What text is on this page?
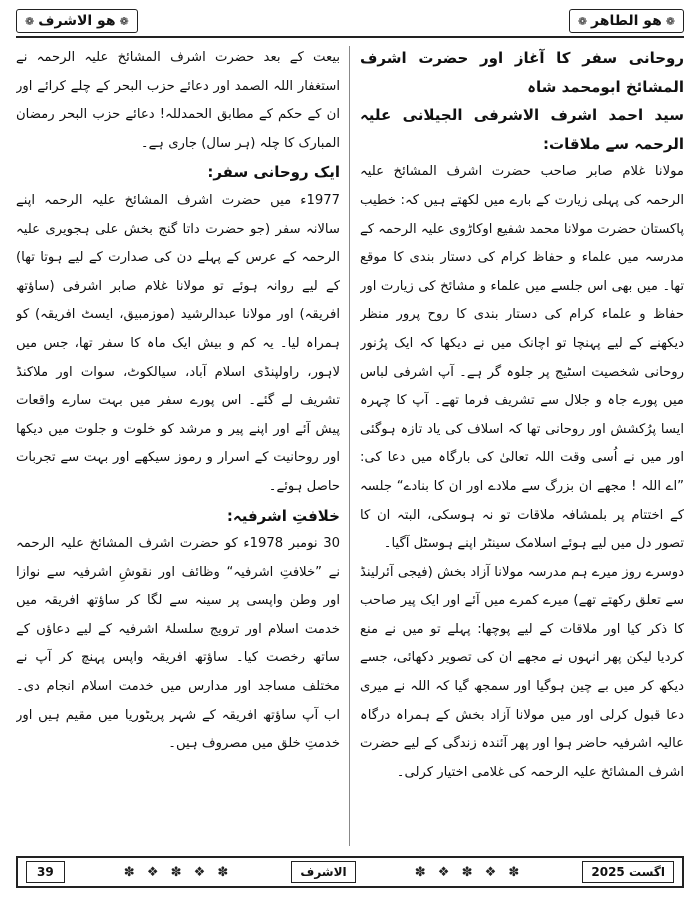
❁
هو الاشرف
❁	❁
هو الطاهر
❁
روحانی سفر کا آغاز اور حضرت اشرف المشائخ ابومحمد شاہ
سید احمد اشرف الاشرفی الجیلانی علیہ الرحمہ سے ملاقات:

مولانا غلام صابر صاحب حضرت اشرف المشائخ علیہ الرحمہ کی پہلی زیارت کے بارے میں لکھتے ہیں کہ: خطیب پاکستان حضرت مولانا محمد شفیع اوکاڑوی علیہ الرحمہ کے مدرسہ میں علماء و حفاظ کرام کی دستار بندی کا موقع تھا۔ میں بھی اس جلسے میں علماء و مشائخ کی زیارت اور حفاظ و علماء کرام کی دستار بندی کا روح پرور منظر دیکھنے کے لیے پہنچا تو اچانک میں نے دیکھا کہ ایک پرُنور روحانی شخصیت اسٹیج پر جلوہ گر ہے۔ آپ اشرفی لباس میں پورے جاہ و جلال سے تشریف فرما تھے۔ آپ کا چہرہ ایسا پرُکشش اور روحانی تھا کہ اسلاف کی یاد تازہ ہوگئی اور میں نے اُسی وقت اللہ تعالیٰ کی بارگاہ میں دعا کی: ”اے اللہ ! مجھے ان بزرگ سے ملادے اور ان کا بنادے“ جلسہ کے اختتام پر بلمشافہ ملاقات تو نہ ہوسکی، البتہ ان کا تصور دل میں لیے ہوئے اسلامک سینٹر اپنے ہوسٹل آگیا۔

دوسرے روز میرے ہم مدرسہ مولانا آزاد بخش (فیجی آئرلینڈ سے تعلق رکھتے تھے) میرے کمرے میں آئے اور ایک پیر صاحب کا ذکر کیا اور ملاقات کے لیے پوچھا: پہلے تو میں نے منع کردیا لیکن پھر انہوں نے مجھے ان کی تصویر دکھائی، جسے دیکھ کر میں بے چین ہوگیا اور سمجھ گیا کہ اللہ نے میری دعا قبول کرلی اور میں مولانا آزاد بخش کے ہمراہ درگاہ عالیہ اشرفیہ حاضر ہوا اور پھر آئندہ زندگی کے لیے حضرت اشرف المشائخ علیہ الرحمہ کی غلامی اختیار کرلی۔

بیعت کے بعد حضرت اشرف المشائخ علیہ الرحمہ نے استغفار اللہ الصمد اور دعائے حزب البحر کے چلے کرائے اور ان کے حکم کے مطابق الحمدللہ! دعائے حزب البحر رمضان المبارک کا چلہ (ہر سال) جاری ہے۔

ایک روحانی سفر:

1977ء میں حضرت اشرف المشائخ علیہ الرحمہ اپنے سالانہ سفر (جو حضرت داتا گنج بخش علی ہجویری علیہ الرحمہ کے عرس کے پہلے دن کی صدارت کے لیے ہوتا تھا) کے لیے روانہ ہوئے تو مولانا غلام صابر اشرفی (ساؤتھ افریقہ) اور مولانا عبدالرشید (موزمبیق، ایسٹ افریقہ) کو ہمراہ لیا۔ یہ کم و بیش ایک ماہ کا سفر تھا، جس میں لاہور، راولپنڈی اسلام آباد، سیالکوٹ، سوات اور ملاکنڈ تشریف لے گئے۔ اس پورے سفر میں بہت سارے واقعات پیش آئے اور اپنے پیر و مرشد کو خلوت و جلوت میں دیکھا اور روحانیت کے اسرار و رموز سیکھے اور بہت سے تجربات حاصل ہوئے۔

خلافتِ اشرفیہ:

30 نومبر 1978ء کو حضرت اشرف المشائخ علیہ الرحمہ نے ”خلافتِ اشرفیہ“ وظائف اور نقوشِ اشرفیہ سے نوازا اور وطن واپسی پر سینہ سے لگا کر ساؤتھ افریقہ میں خدمت اسلام اور ترویج سلسلۂ اشرفیہ کے لیے دعاؤں کے ساتھ رخصت کیا۔ ساؤتھ افریقہ واپس پہنچ کر آپ نے مختلف مساجد اور مدارس میں خدمت اسلام انجام دی۔ اب آپ ساؤتھ افریقہ کے شہر پریٹوریا میں مقیم ہیں اور خدمتِ خلق میں مصروف ہیں۔

اگست 2025
✽ ❖ ✽ ❖ ✽
الاشرف
✽ ❖ ✽ ❖ ✽
39
